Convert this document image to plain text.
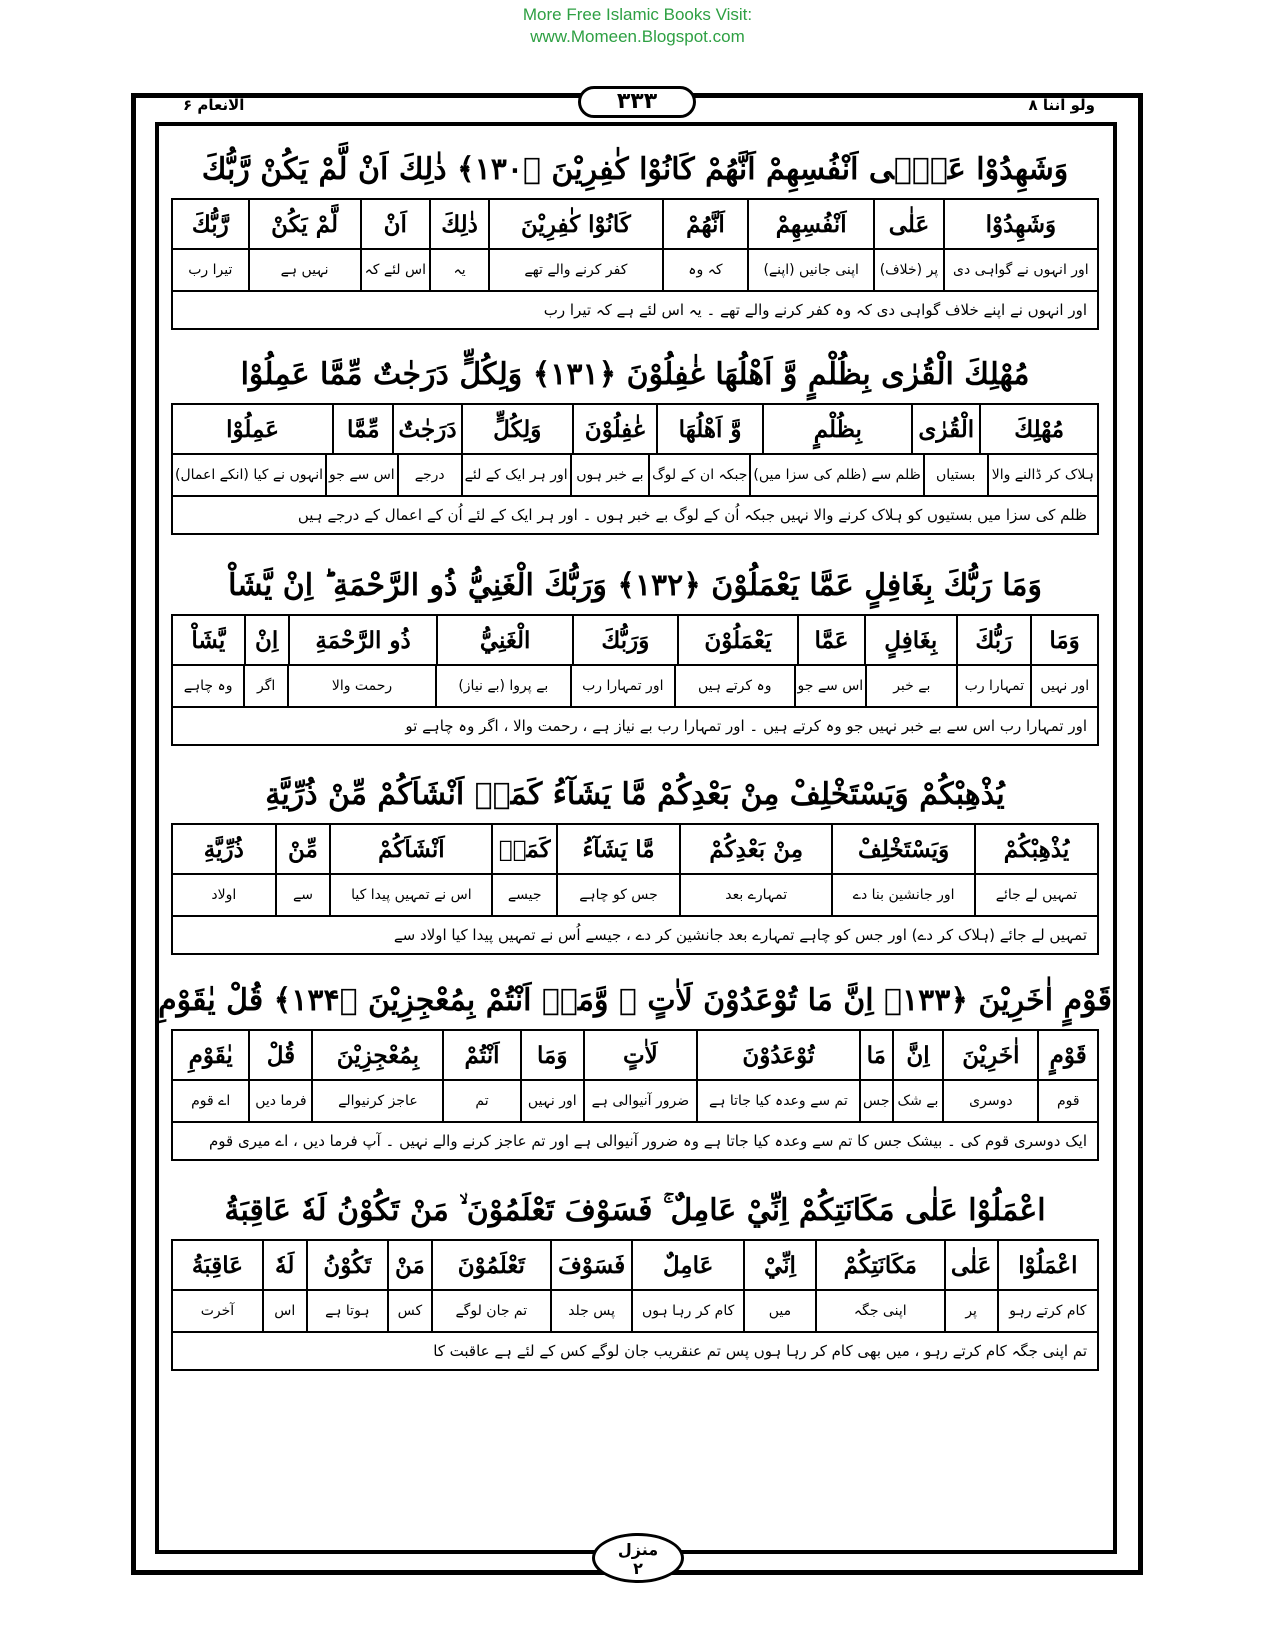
More Free Islamic Books Visit:
www.Momeen.Blogspot.com
الانعام ۶	ولو اننا ۸
۳۳۳
وَشَهِدُوْا عَلٰۤى اَنْفُسِهِمْ اَنَّهُمْ كَانُوْا كٰفِرِيْنَ ﴿۱۳۰﴾ ذٰلِكَ اَنْ لَّمْ يَكُنْ رَّبُّكَ
وَشَهِدُوْا
عَلٰى
اَنْفُسِهِمْ
اَنَّهُمْ
كَانُوْا كٰفِرِيْنَ
ذٰلِكَ
اَنْ
لَّمْ يَكُنْ
رَّبُّكَ
اور انہوں نے گواہی دی
پر (خلاف)
اپنی جانیں (اپنے)
کہ وہ
کفر کرنے والے تھے
یہ
اس لئے کہ
نہیں ہے
تیرا رب
اور انہوں نے اپنے خلاف گواہی دی کہ وہ کفر کرنے والے تھے ۔ یہ اس لئے ہے کہ تیرا رب
مُهْلِكَ الْقُرٰى بِظُلْمٍ وَّ اَهْلُهَا غٰفِلُوْنَ ﴿۱۳۱﴾ وَلِكُلٍّ دَرَجٰتٌ مِّمَّا عَمِلُوْا
مُهْلِكَ
الْقُرٰى
بِظُلْمٍ
وَّ اَهْلُهَا
غٰفِلُوْنَ
وَلِكُلٍّ
دَرَجٰتٌ
مِّمَّا
عَمِلُوْا
ہلاک کر ڈالنے والا
بستیاں
ظلم سے (ظلم کی سزا میں)
جبکہ ان کے لوگ
بے خبر ہوں
اور ہر ایک کے لئے
درجے
اس سے جو
انہوں نے کیا (انکے اعمال)
ظلم کی سزا میں بستیوں کو ہلاک کرنے والا نہیں جبکہ اُن کے لوگ بے خبر ہوں ۔ اور ہر ایک کے لئے اُن کے اعمال کے درجے ہیں
وَمَا رَبُّكَ بِغَافِلٍ عَمَّا يَعْمَلُوْنَ ﴿۱۳۲﴾ وَرَبُّكَ الْغَنِيُّ ذُو الرَّحْمَةِ ؕ اِنْ يَّشَاْ
وَمَا
رَبُّكَ
بِغَافِلٍ
عَمَّا
يَعْمَلُوْنَ
وَرَبُّكَ
الْغَنِيُّ
ذُو الرَّحْمَةِ
اِنْ
يَّشَاْ
اور نہیں
تمہارا رب
بے خبر
اس سے جو
وہ کرتے ہیں
اور تمہارا رب
بے پروا (بے نیاز)
رحمت والا
اگر
وہ چاہے
اور تمہارا رب اس سے بے خبر نہیں جو وہ کرتے ہیں ۔ اور تمہارا رب بے نیاز ہے ، رحمت والا ، اگر وہ چاہے تو
يُذْهِبْكُمْ وَيَسْتَخْلِفْ مِنْ بَعْدِكُمْ مَّا يَشَآءُ كَمَاۤ اَنْشَاَكُمْ مِّنْ ذُرِّيَّةِ
يُذْهِبْكُمْ
وَيَسْتَخْلِفْ
مِنْ بَعْدِكُمْ
مَّا يَشَآءُ
كَمَاۤ
اَنْشَاَكُمْ
مِّنْ
ذُرِّيَّةِ
تمہیں لے جائے
اور جانشین بنا دے
تمہارے بعد
جس کو چاہے
جیسے
اس نے تمہیں پیدا کیا
سے
اولاد
تمہیں لے جائے (ہلاک کر دے) اور جس کو چاہے تمہارے بعد جانشین کر دے ، جیسے اُس نے تمہیں پیدا کیا اولاد سے
قَوْمٍ اٰخَرِيْنَ ﴿۱۳۳﴾ اِنَّ مَا تُوْعَدُوْنَ لَاٰتٍ ۙ وَّمَاۤ اَنْتُمْ بِمُعْجِزِيْنَ ﴿۱۳۴﴾ قُلْ يٰقَوْمِ
قَوْمٍ
اٰخَرِيْنَ
اِنَّ
مَا
تُوْعَدُوْنَ
لَاٰتٍ
وَمَا
اَنْتُمْ
بِمُعْجِزِيْنَ
قُلْ
يٰقَوْمِ
قوم
دوسری
بے شک
جس
تم سے وعدہ کیا جاتا ہے
ضرور آنیوالی ہے
اور نہیں
تم
عاجز کرنیوالے
فرما دیں
اے قوم
ایک دوسری قوم کی ۔ بیشک جس کا تم سے وعدہ کیا جاتا ہے وہ ضرور آنیوالی ہے اور تم عاجز کرنے والے نہیں ۔ آپ فرما دیں ، اے میری قوم
اعْمَلُوْا عَلٰى مَكَانَتِكُمْ اِنِّيْ عَامِلٌ ۚ فَسَوْفَ تَعْلَمُوْنَ ۙ مَنْ تَكُوْنُ لَهٗ عَاقِبَةُ
اعْمَلُوْا
عَلٰى
مَكَانَتِكُمْ
اِنِّيْ
عَامِلٌ
فَسَوْفَ
تَعْلَمُوْنَ
مَنْ
تَكُوْنُ
لَهٗ
عَاقِبَةُ
کام کرتے رہو
پر
اپنی جگہ
میں
کام کر رہا ہوں
پس جلد
تم جان لوگے
کس
ہوتا ہے
اس
آخرت
تم اپنی جگہ کام کرتے رہو ، میں بھی کام کر رہا ہوں پس تم عنقریب جان لوگے کس کے لئے ہے عاقبت کا
منزل
۲
